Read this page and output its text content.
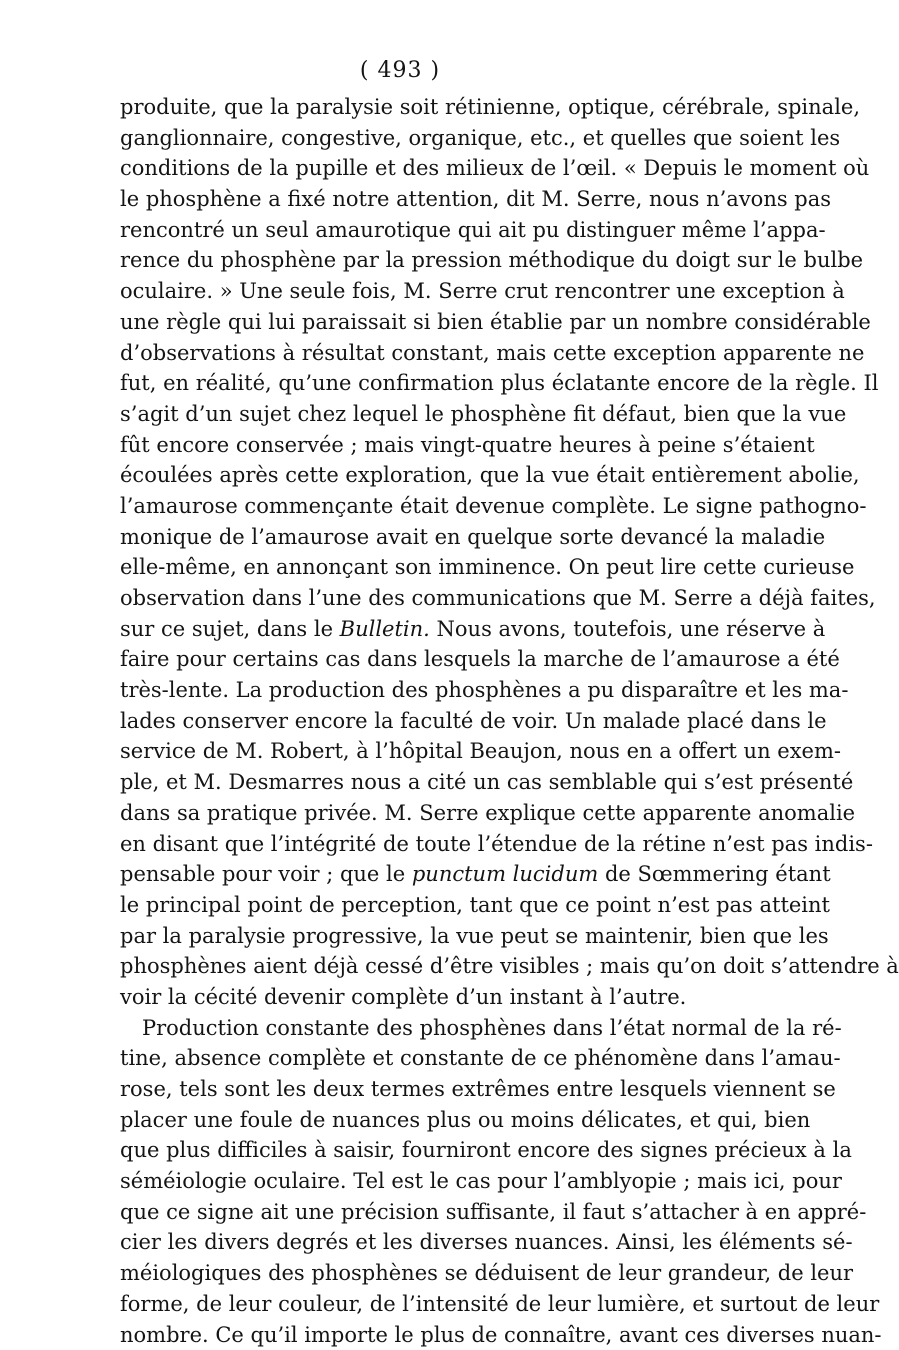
( 493 )
produite, que la paralysie soit rétinienne, optique, cérébrale, spinale,
ganglionnaire, congestive, organique, etc., et quelles que soient les
conditions de la pupille et des milieux de l’œil. « Depuis le moment où
le phosphène a fixé notre attention, dit M. Serre, nous n’avons pas
rencontré un seul amaurotique qui ait pu distinguer même l’appa-
rence du phosphène par la pression méthodique du doigt sur le bulbe
oculaire. » Une seule fois, M. Serre crut rencontrer une exception à
une règle qui lui paraissait si bien établie par un nombre considérable
d’observations à résultat constant, mais cette exception apparente ne
fut, en réalité, qu’une confirmation plus éclatante encore de la règle. Il
s’agit d’un sujet chez lequel le phosphène fit défaut, bien que la vue
fût encore conservée ; mais vingt-quatre heures à peine s’étaient
écoulées après cette exploration, que la vue était entièrement abolie,
l’amaurose commençante était devenue complète. Le signe pathogno-
monique de l’amaurose avait en quelque sorte devancé la maladie
elle-même, en annonçant son imminence. On peut lire cette curieuse
observation dans l’une des communications que M. Serre a déjà faites,
sur ce sujet, dans le Bulletin. Nous avons, toutefois, une réserve à
faire pour certains cas dans lesquels la marche de l’amaurose a été
très-lente. La production des phosphènes a pu disparaître et les ma-
lades conserver encore la faculté de voir. Un malade placé dans le
service de M. Robert, à l’hôpital Beaujon, nous en a offert un exem-
ple, et M. Desmarres nous a cité un cas semblable qui s’est présenté
dans sa pratique privée. M. Serre explique cette apparente anomalie
en disant que l’intégrité de toute l’étendue de la rétine n’est pas indis-
pensable pour voir ; que le punctum lucidum de Sœmmering étant
le principal point de perception, tant que ce point n’est pas atteint
par la paralysie progressive, la vue peut se maintenir, bien que les
phosphènes aient déjà cessé d’être visibles ; mais qu’on doit s’attendre à
voir la cécité devenir complète d’un instant à l’autre.
Production constante des phosphènes dans l’état normal de la ré-
tine, absence complète et constante de ce phénomène dans l’amau-
rose, tels sont les deux termes extrêmes entre lesquels viennent se
placer une foule de nuances plus ou moins délicates, et qui, bien
que plus difficiles à saisir, fourniront encore des signes précieux à la
séméiologie oculaire. Tel est le cas pour l’amblyopie ; mais ici, pour
que ce signe ait une précision suffisante, il faut s’attacher à en appré-
cier les divers degrés et les diverses nuances. Ainsi, les éléments sé-
méiologiques des phosphènes se déduisent de leur grandeur, de leur
forme, de leur couleur, de l’intensité de leur lumière, et surtout de leur
nombre. Ce qu’il importe le plus de connaître, avant ces diverses nuan-
